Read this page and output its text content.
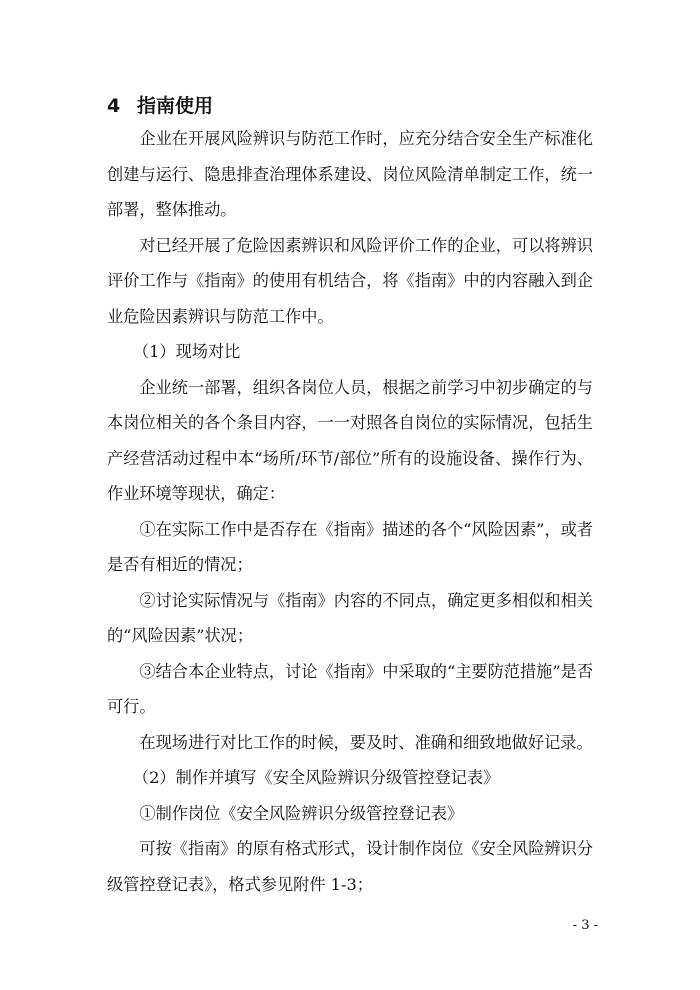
4 指南使用

企业在开展风险辨识与防范工作时，应充分结合安全生产标准化创建与运行、隐患排查治理体系建设、岗位风险清单制定工作，统一部署，整体推动。

对已经开展了危险因素辨识和风险评价工作的企业，可以将辨识评价工作与《指南》的使用有机结合，将《指南》中的内容融入到企业危险因素辨识与防范工作中。

（1）现场对比

企业统一部署，组织各岗位人员，根据之前学习中初步确定的与本岗位相关的各个条目内容，一一对照各自岗位的实际情况，包括生产经营活动过程中本“场所/环节/部位”所有的设施设备、操作行为、作业环境等现状，确定：

①在实际工作中是否存在《指南》描述的各个“风险因素”，或者是否有相近的情况；

②讨论实际情况与《指南》内容的不同点，确定更多相似和相关的“风险因素”状况；

③结合本企业特点，讨论《指南》中采取的“主要防范措施”是否可行。

在现场进行对比工作的时候，要及时、准确和细致地做好记录。

（2）制作并填写《安全风险辨识分级管控登记表》

①制作岗位《安全风险辨识分级管控登记表》

可按《指南》的原有格式形式，设计制作岗位《安全风险辨识分级管控登记表》，格式参见附件 1-3；

- 3 -
